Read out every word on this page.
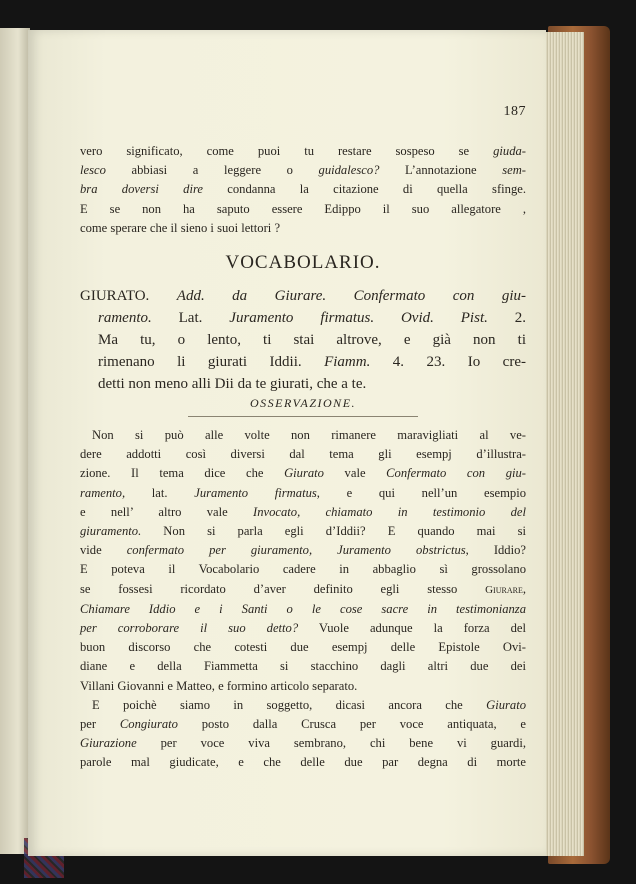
187
vero significato, come puoi tu restare sospeso se giuda-
lesco abbiasi a leggere o guidalesco? L’annotazione sem-
bra doversi dire condanna la citazione di quella sfinge.
E se non ha saputo essere Edippo il suo allegatore ,
come sperare che il sieno i suoi lettori ?
VOCABOLARIO.
GIURATO. Add. da Giurare. Confermato con giu-
ramento. Lat. Juramento firmatus. Ovid. Pist. 2.
Ma tu, o lento, ti stai altrove, e già non ti
rimenano li giurati Iddii. Fiamm. 4. 23. Io cre-
detti non meno alli Dii da te giurati, che a te.
OSSERVAZIONE.
Non si può alle volte non rimanere maravigliati al ve-
dere addotti così diversi dal tema gli esempj d’illustra-
zione. Il tema dice che Giurato vale Confermato con giu-
ramento, lat. Juramento firmatus, e qui nell’un esempio
e nell’ altro vale Invocato, chiamato in testimonio del
giuramento. Non si parla egli d’Iddii? E quando mai si
vide confermato per giuramento, Juramento obstrictus, Iddio?
E poteva il Vocabolario cadere in abbaglio sì grossolano
se fossesi ricordato d’aver definito egli stesso Giurare,
Chiamare Iddio e i Santi o le cose sacre in testimonianza
per corroborare il suo detto? Vuole adunque la forza del
buon discorso che cotesti due esempj delle Epistole Ovi-
diane e della Fiammetta si stacchino dagli altri due dei
Villani Giovanni e Matteo, e formino articolo separato.
E poichè siamo in soggetto, dicasi ancora che Giurato
per Congiurato posto dalla Crusca per voce antiquata, e
Giurazione per voce viva sembrano, chi bene vi guardi,
parole mal giudicate, e che delle due par degna di morte
